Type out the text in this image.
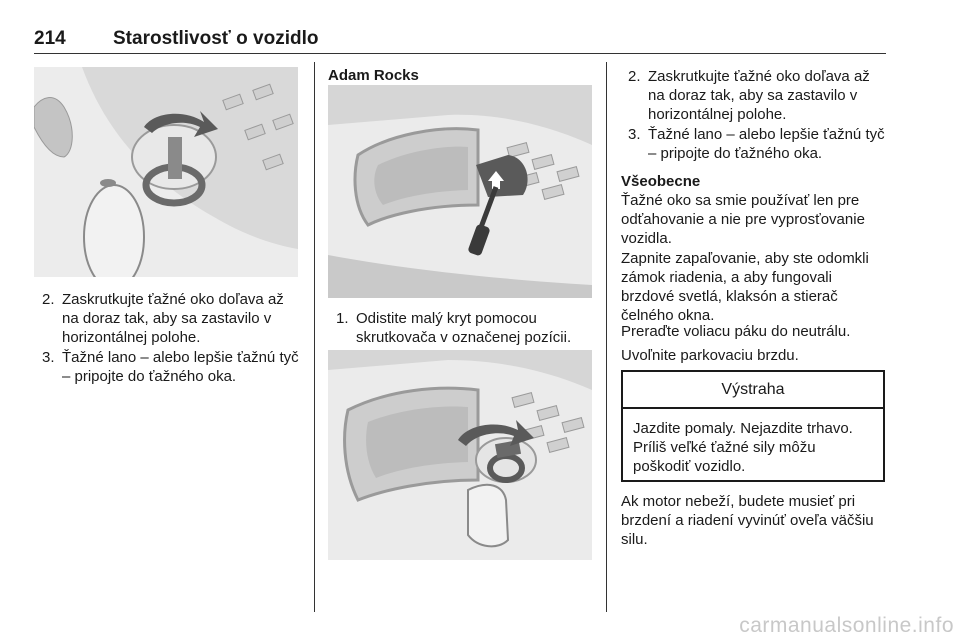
214 Starostlivosť o vozidlo
2. Zaskrutkujte ťažné oko doľava až na doraz tak, aby sa zastavilo v horizontálnej polohe.
3. Ťažné lano – alebo lepšie ťažnú tyč – pripojte do ťažného oka.
Adam Rocks
1. Odistite malý kryt pomocou skrutkovača v označenej pozícii.
2. Zaskrutkujte ťažné oko doľava až na doraz tak, aby sa zastavilo v horizontálnej polohe.
3. Ťažné lano – alebo lepšie ťažnú tyč – pripojte do ťažného oka.
Všeobecne
Ťažné oko sa smie používať len pre odťahovanie a nie pre vyprosťovanie vozidla.
Zapnite zapaľovanie, aby ste odomkli zámok riadenia, a aby fungovali brzdové svetlá, klaksón a stierač čelného okna.
Preraďte voliacu páku do neutrálu.
Uvoľnite parkovaciu brzdu.
Výstraha
Jazdite pomaly. Nejazdite trhavo. Príliš veľké ťažné sily môžu poškodiť vozidlo.
Ak motor nebeží, budete musieť pri brzdení a riadení vyvinúť oveľa väčšiu silu.
carmanualsonline.info
